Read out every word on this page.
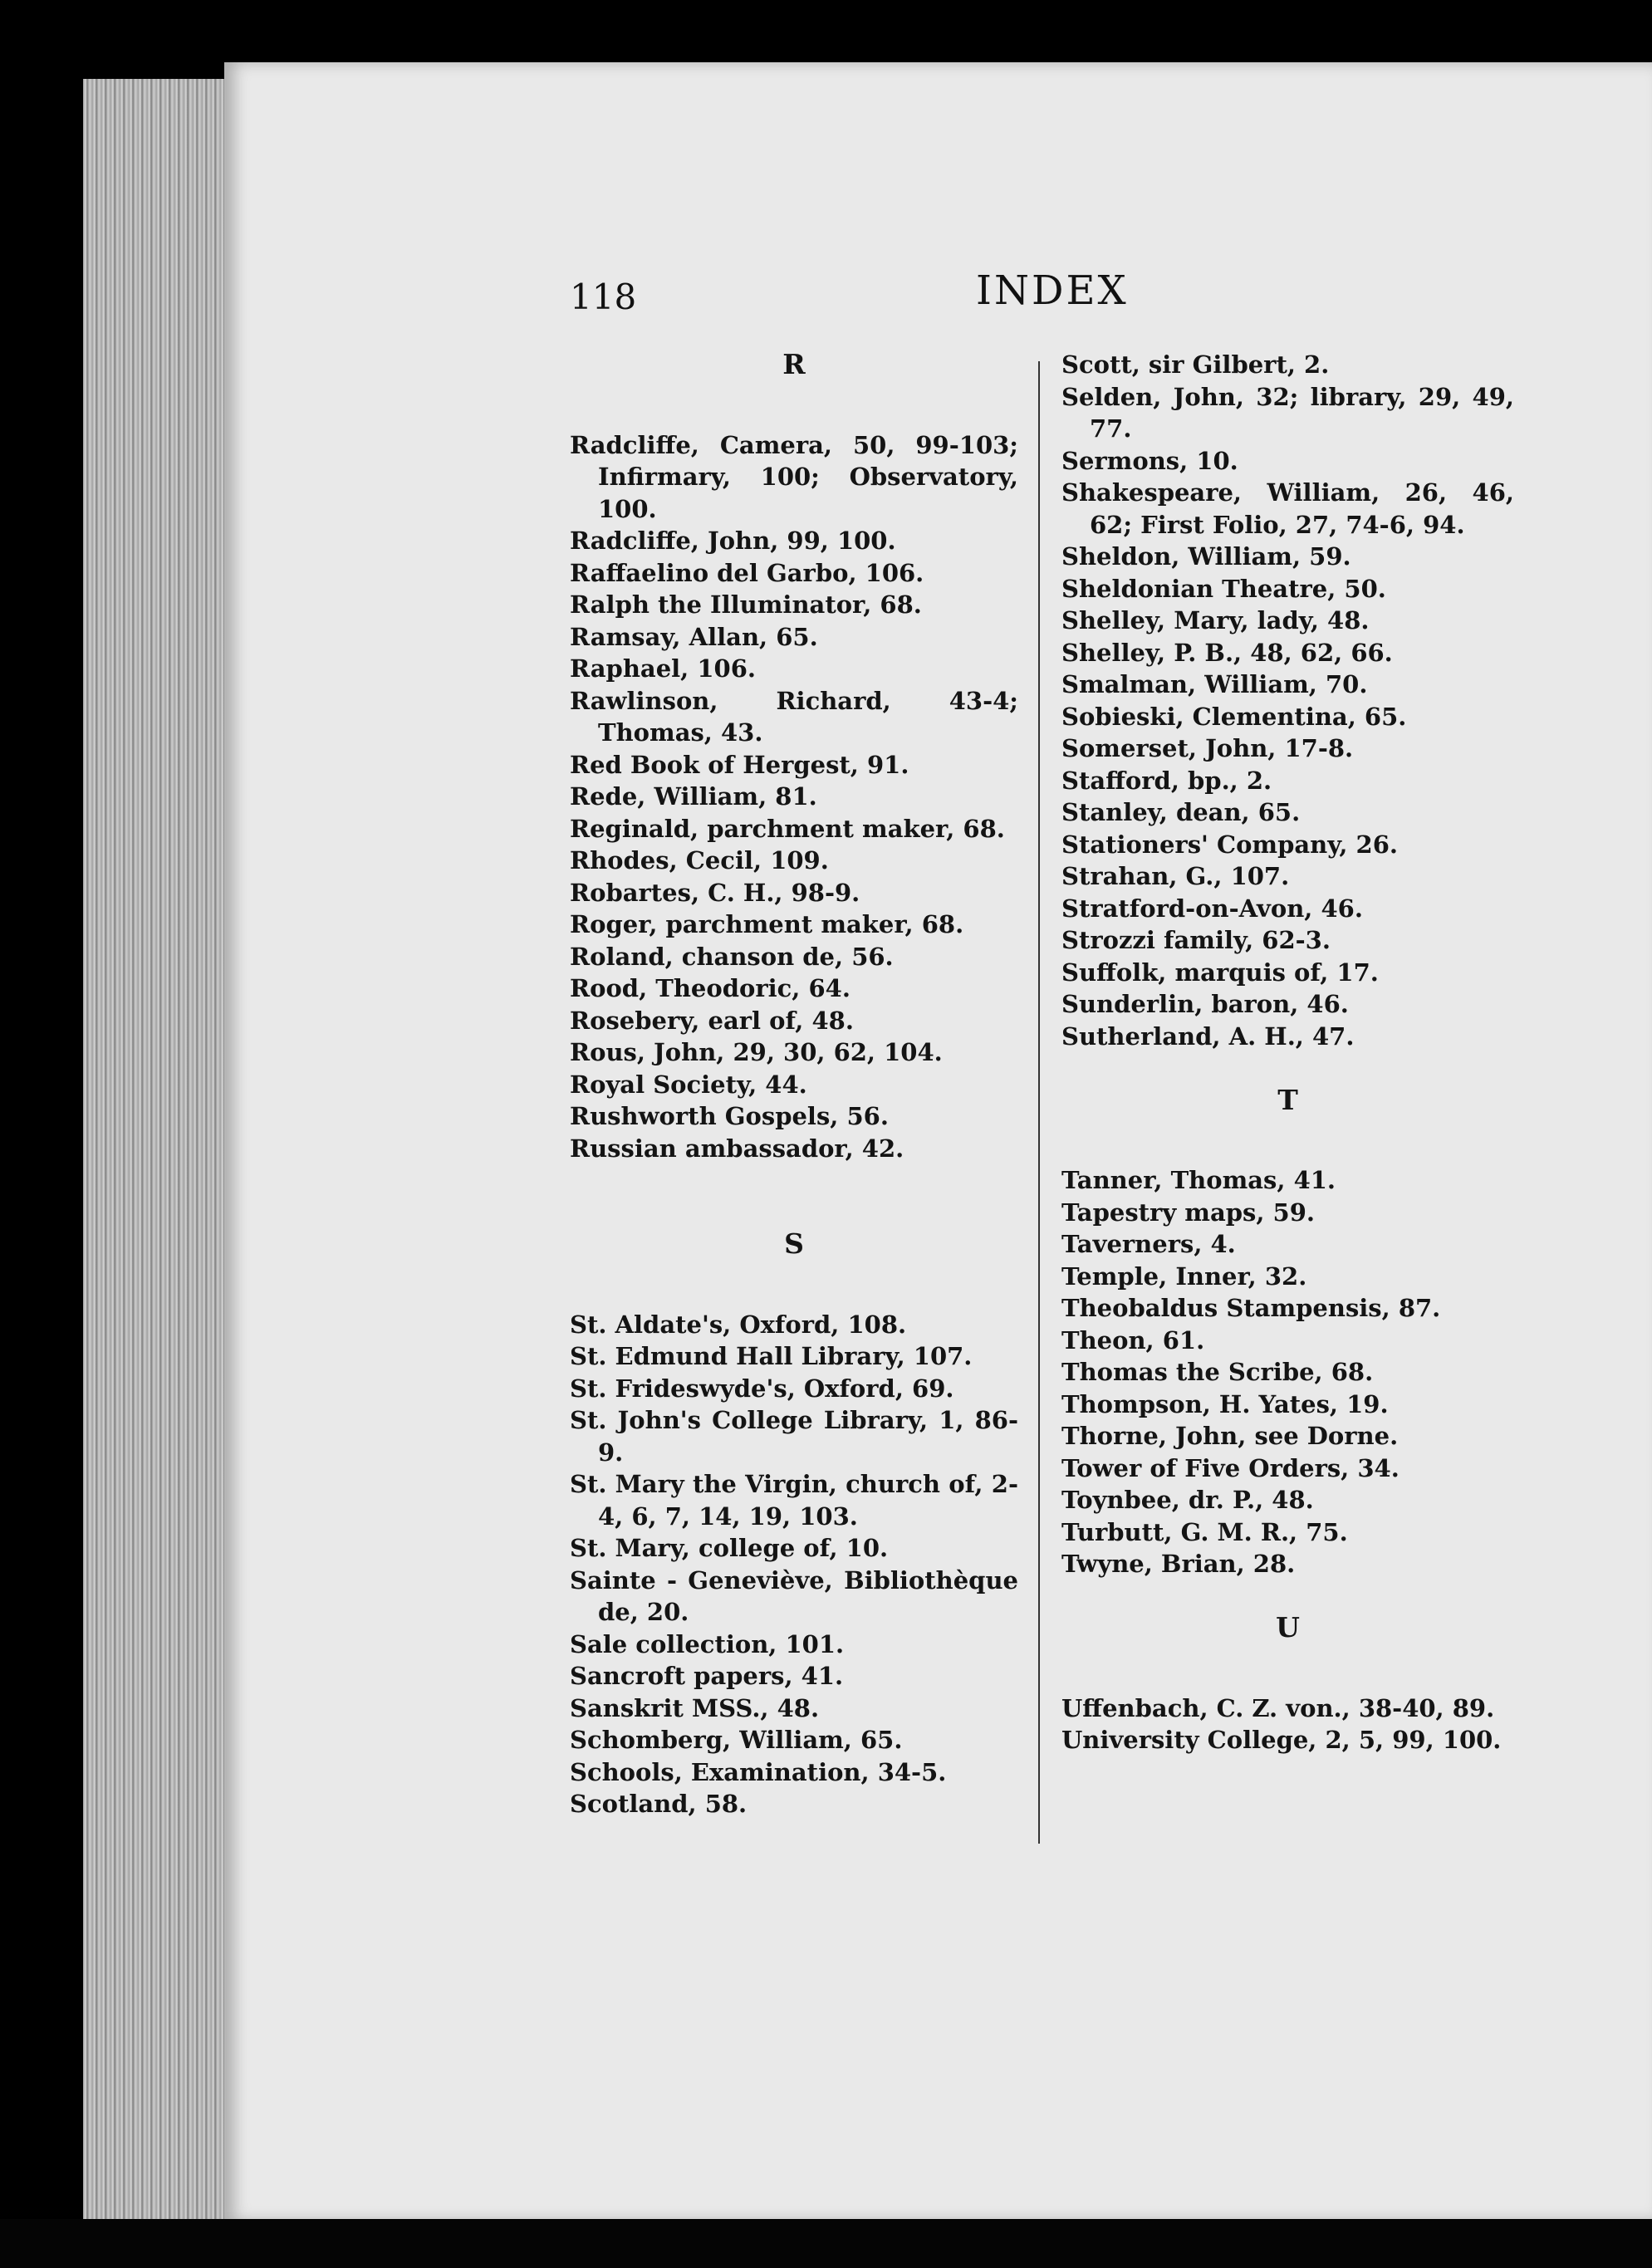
118	INDEX

R

Radcliffe, Camera, 50, 99-103; Infirmary, 100; Observatory, 100.

Radcliffe, John, 99, 100.

Raffaelino del Garbo, 106.

Ralph the Illuminator, 68.

Ramsay, Allan, 65.

Raphael, 106.

Rawlinson, Richard, 43-4; Thomas, 43.

Red Book of Hergest, 91.

Rede, William, 81.

Reginald, parchment maker, 68.

Rhodes, Cecil, 109.

Robartes, C. H., 98-9.

Roger, parchment maker, 68.

Roland, chanson de, 56.

Rood, Theodoric, 64.

Rosebery, earl of, 48.

Rous, John, 29, 30, 62, 104.

Royal Society, 44.

Rushworth Gospels, 56.

Russian ambassador, 42.

S

St. Aldate's, Oxford, 108.

St. Edmund Hall Library, 107.

St. Frideswyde's, Oxford, 69.

St. John's College Library, 1, 86-9.

St. Mary the Virgin, church of, 2-4, 6, 7, 14, 19, 103.

St. Mary, college of, 10.

Sainte - Geneviève, Bibliothèque de, 20.

Sale collection, 101.

Sancroft papers, 41.

Sanskrit MSS., 48.

Schomberg, William, 65.

Schools, Examination, 34-5.

Scotland, 58.

Scott, sir Gilbert, 2.

Selden, John, 32; library, 29, 49, 77.

Sermons, 10.

Shakespeare, William, 26, 46, 62; First Folio, 27, 74-6, 94.

Sheldon, William, 59.

Sheldonian Theatre, 50.

Shelley, Mary, lady, 48.

Shelley, P. B., 48, 62, 66.

Smalman, William, 70.

Sobieski, Clementina, 65.

Somerset, John, 17-8.

Stafford, bp., 2.

Stanley, dean, 65.

Stationers' Company, 26.

Strahan, G., 107.

Stratford-on-Avon, 46.

Strozzi family, 62-3.

Suffolk, marquis of, 17.

Sunderlin, baron, 46.

Sutherland, A. H., 47.

T

Tanner, Thomas, 41.

Tapestry maps, 59.

Taverners, 4.

Temple, Inner, 32.

Theobaldus Stampensis, 87.

Theon, 61.

Thomas the Scribe, 68.

Thompson, H. Yates, 19.

Thorne, John, see Dorne.

Tower of Five Orders, 34.

Toynbee, dr. P., 48.

Turbutt, G. M. R., 75.

Twyne, Brian, 28.

U

Uffenbach, C. Z. von., 38-40, 89.

University College, 2, 5, 99, 100.
